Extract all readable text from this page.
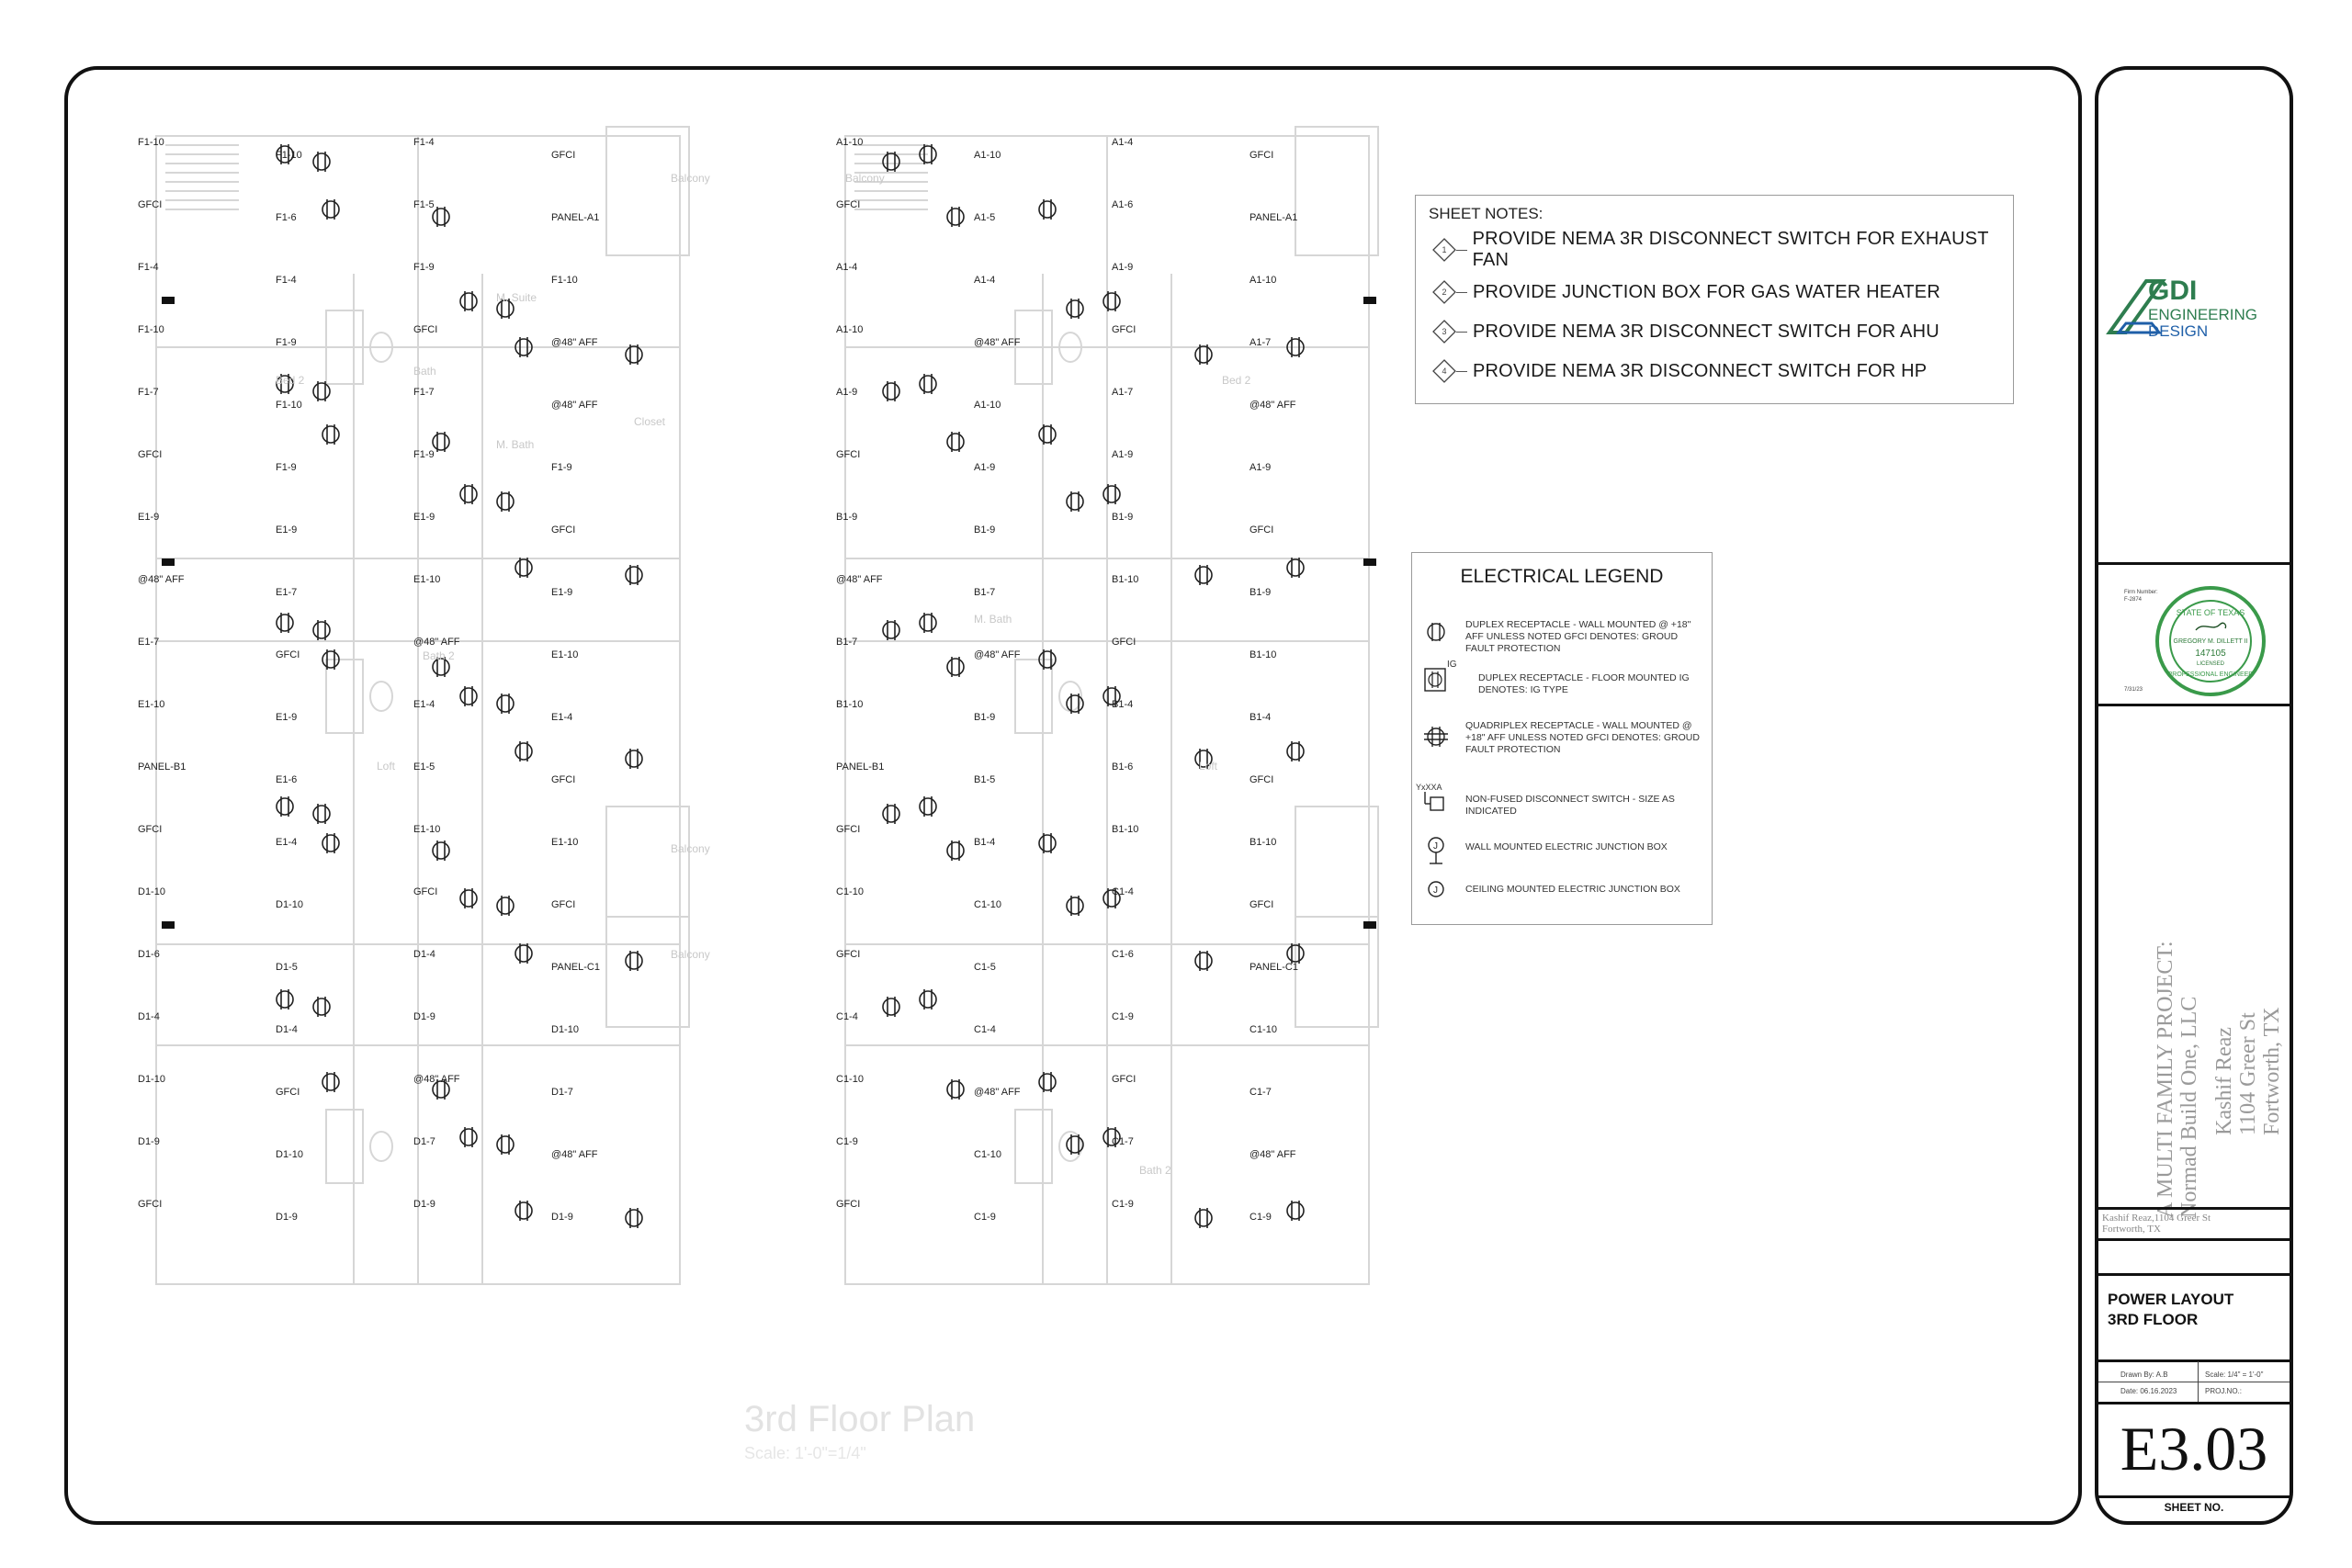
F1-10
F1-10
F1-4
GFCI
GFCI
F1-6
F1-5
PANEL-A1
F1-4
F1-4
F1-9
F1-10
F1-10
F1-9
GFCI
@48" AFF
F1-7
F1-10
F1-7
@48" AFF
GFCI
F1-9
F1-9
F1-9
E1-9
E1-9
E1-9
GFCI
@48" AFF
E1-7
E1-10
E1-9
E1-7
GFCI
@48" AFF
E1-10
E1-10
E1-9
E1-4
E1-4
PANEL-B1
E1-6
E1-5
GFCI
GFCI
E1-4
E1-10
E1-10
D1-10
D1-10
GFCI
GFCI
D1-6
D1-5
D1-4
PANEL-C1
D1-4
D1-4
D1-9
D1-10
D1-10
GFCI
@48" AFF
D1-7
D1-9
D1-10
D1-7
@48" AFF
GFCI
D1-9
D1-9
D1-9
A1-10
A1-10
A1-4
GFCI
GFCI
A1-5
A1-6
PANEL-A1
A1-4
A1-4
A1-9
A1-10
A1-10
@48" AFF
GFCI
A1-7
A1-9
A1-10
A1-7
@48" AFF
GFCI
A1-9
A1-9
A1-9
B1-9
B1-9
B1-9
GFCI
@48" AFF
B1-7
B1-10
B1-9
B1-7
@48" AFF
GFCI
B1-10
B1-10
B1-9
B1-4
B1-4
PANEL-B1
B1-5
B1-6
GFCI
GFCI
B1-4
B1-10
B1-10
C1-10
C1-10
C1-4
GFCI
GFCI
C1-5
C1-6
PANEL-C1
C1-4
C1-4
C1-9
C1-10
C1-10
@48" AFF
GFCI
C1-7
C1-9
C1-10
C1-7
@48" AFF
GFCI
C1-9
C1-9
C1-9
Balcony
M. Suite
Bath
M. Bath
Closet
Bed 2
Bath 2
Loft
Balcony
Balcony
Balcony
Bed 2
M. Bath
Loft
Bath 2
3rd Floor Plan
Scale: 1'-0"=1/4"
SHEET NOTES:
1
PROVIDE NEMA 3R DISCONNECT SWITCH FOR EXHAUST FAN
2	PROVIDE JUNCTION BOX FOR GAS WATER HEATER
3	PROVIDE NEMA 3R DISCONNECT SWITCH FOR AHU
4	PROVIDE NEMA 3R DISCONNECT SWITCH FOR HP
ELECTRICAL LEGEND
DUPLEX RECEPTACLE - WALL MOUNTED @ +18" AFF UNLESS NOTED GFCI DENOTES: GROUD FAULT PROTECTION
IG
DUPLEX RECEPTACLE - FLOOR MOUNTED IG DENOTES: IG TYPE
QUADRIPLEX RECEPTACLE - WALL MOUNTED @ +18" AFF UNLESS NOTED GFCI DENOTES: GROUD FAULT PROTECTION
YxXXA
NON-FUSED DISCONNECT SWITCH - SIZE AS INDICATED
J	WALL MOUNTED ELECTRIC JUNCTION BOX
J	CEILING MOUNTED ELECTRIC JUNCTION BOX
GDI
ENGINEERING
DESIGN
Firm Number:
F-2874
STATE OF TEXAS
GREGORY M. DILLETT II
147105
LICENSED
PROFESSIONAL ENGINEER
7/31/23
A MULTI FAMILY PROJECT:
Normad Build One, LLC Kashif Reaz
1104 Greer St
Fortworth, TX
Kashif Reaz,1104 Greer St
Fortworth, TX
POWER LAYOUT
3RD FLOOR
Drawn By: A.B	Scale: 1/4" = 1'-0"
Date: 06.16.2023	PROJ.NO.:
E3.03
SHEET NO.
